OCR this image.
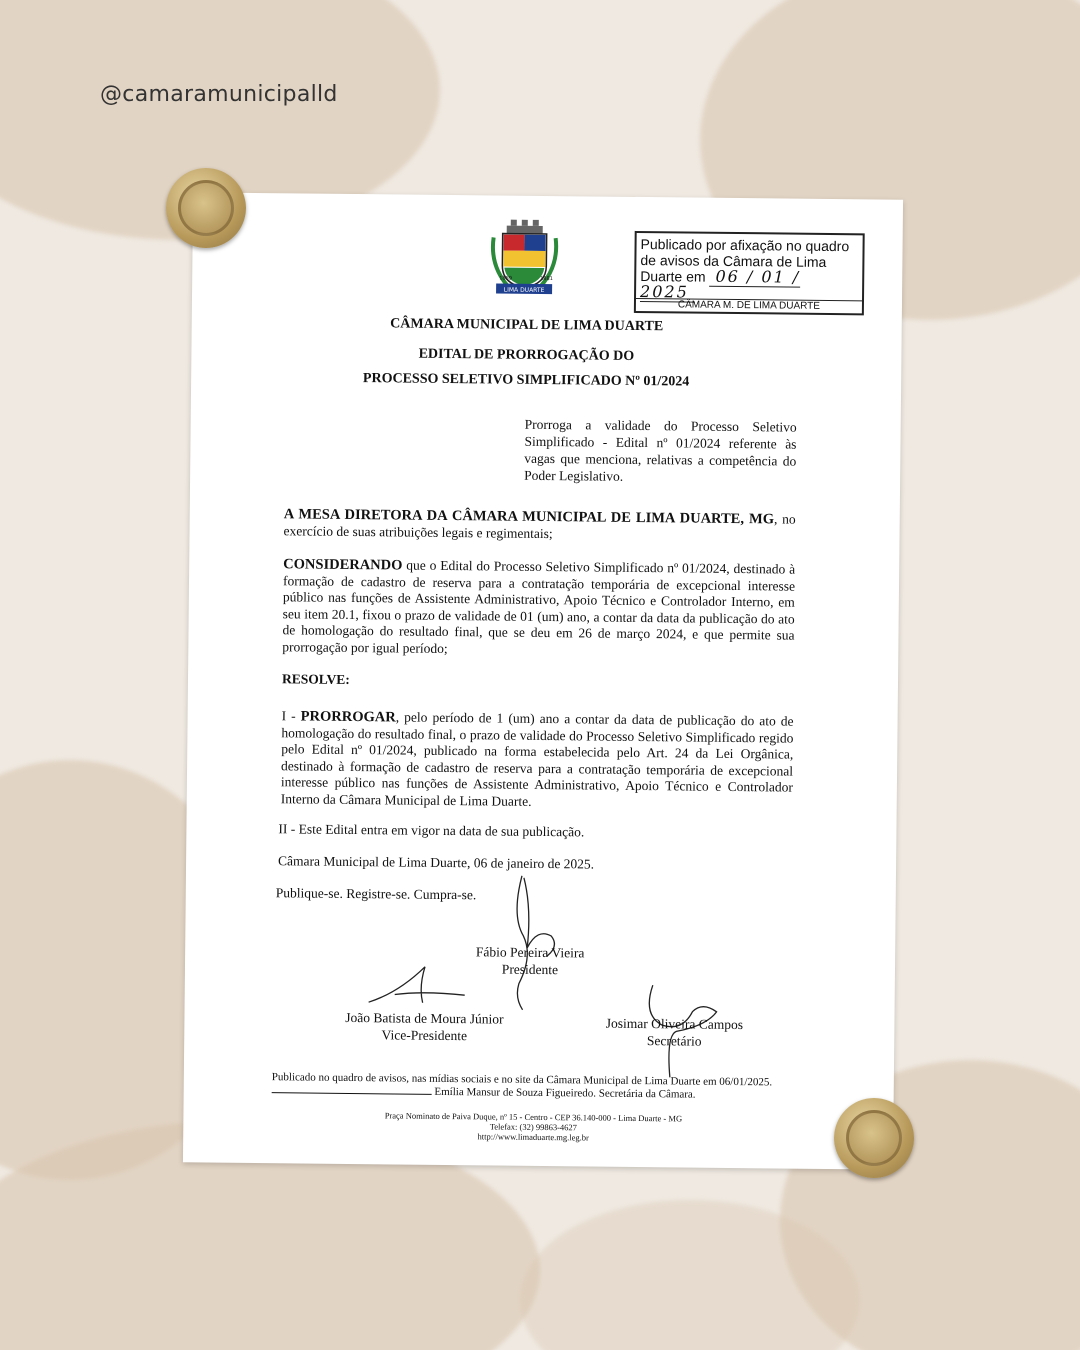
@camaramunicipalld
1859	1881
LIMA DUARTE
Publicado por afixação no quadro
de avisos da Câmara de Lima
Duarte em 06 / 01 / 2025
CÂMARA M. DE LIMA DUARTE
CÂMARA MUNICIPAL DE LIMA DUARTE
EDITAL DE PRORROGAÇÃO DO
PROCESSO SELETIVO SIMPLIFICADO Nº 01/2024
Prorroga a validade do Processo Seletivo Simplificado - Edital nº 01/2024 referente às vagas que menciona, relativas a competência do Poder Legislativo.
A MESA DIRETORA DA CÂMARA MUNICIPAL DE LIMA DUARTE, MG, no exercício de suas atribuições legais e regimentais;
CONSIDERANDO que o Edital do Processo Seletivo Simplificado nº 01/2024, destinado à formação de cadastro de reserva para a contratação temporária de excepcional interesse público nas funções de Assistente Administrativo, Apoio Técnico e Controlador Interno, em seu item 20.1, fixou o prazo de validade de 01 (um) ano, a contar da data da publicação do ato de homologação do resultado final, que se deu em 26 de março 2024, e que permite sua prorrogação por igual período;
RESOLVE:
I - PRORROGAR, pelo período de 1 (um) ano a contar da data de publicação do ato de homologação do resultado final, o prazo de validade do Processo Seletivo Simplificado regido pelo Edital nº 01/2024, publicado na forma estabelecida pelo Art. 24 da Lei Orgânica, destinado à formação de cadastro de reserva para a contratação temporária de excepcional interesse público nas funções de Assistente Administrativo, Apoio Técnico e Controlador Interno da Câmara Municipal de Lima Duarte.
II - Este Edital entra em vigor na data de sua publicação.
Câmara Municipal de Lima Duarte, 06 de janeiro de 2025.
Publique-se. Registre-se. Cumpra-se.
Fábio Pereira Vieira
Presidente
João Batista de Moura Júnior
Vice-Presidente
Josimar Oliveira Campos
Secretário
Publicado no quadro de avisos, nas mídias sociais e no site da Câmara Municipal de Lima Duarte em 06/01/2025.  Emília Mansur de Souza Figueiredo. Secretária da Câmara.
Praça Nominato de Paiva Duque, nº 15 - Centro - CEP 36.140-000 - Lima Duarte - MG
Telefax: (32) 99863-4627
http://www.limaduarte.mg.leg.br
